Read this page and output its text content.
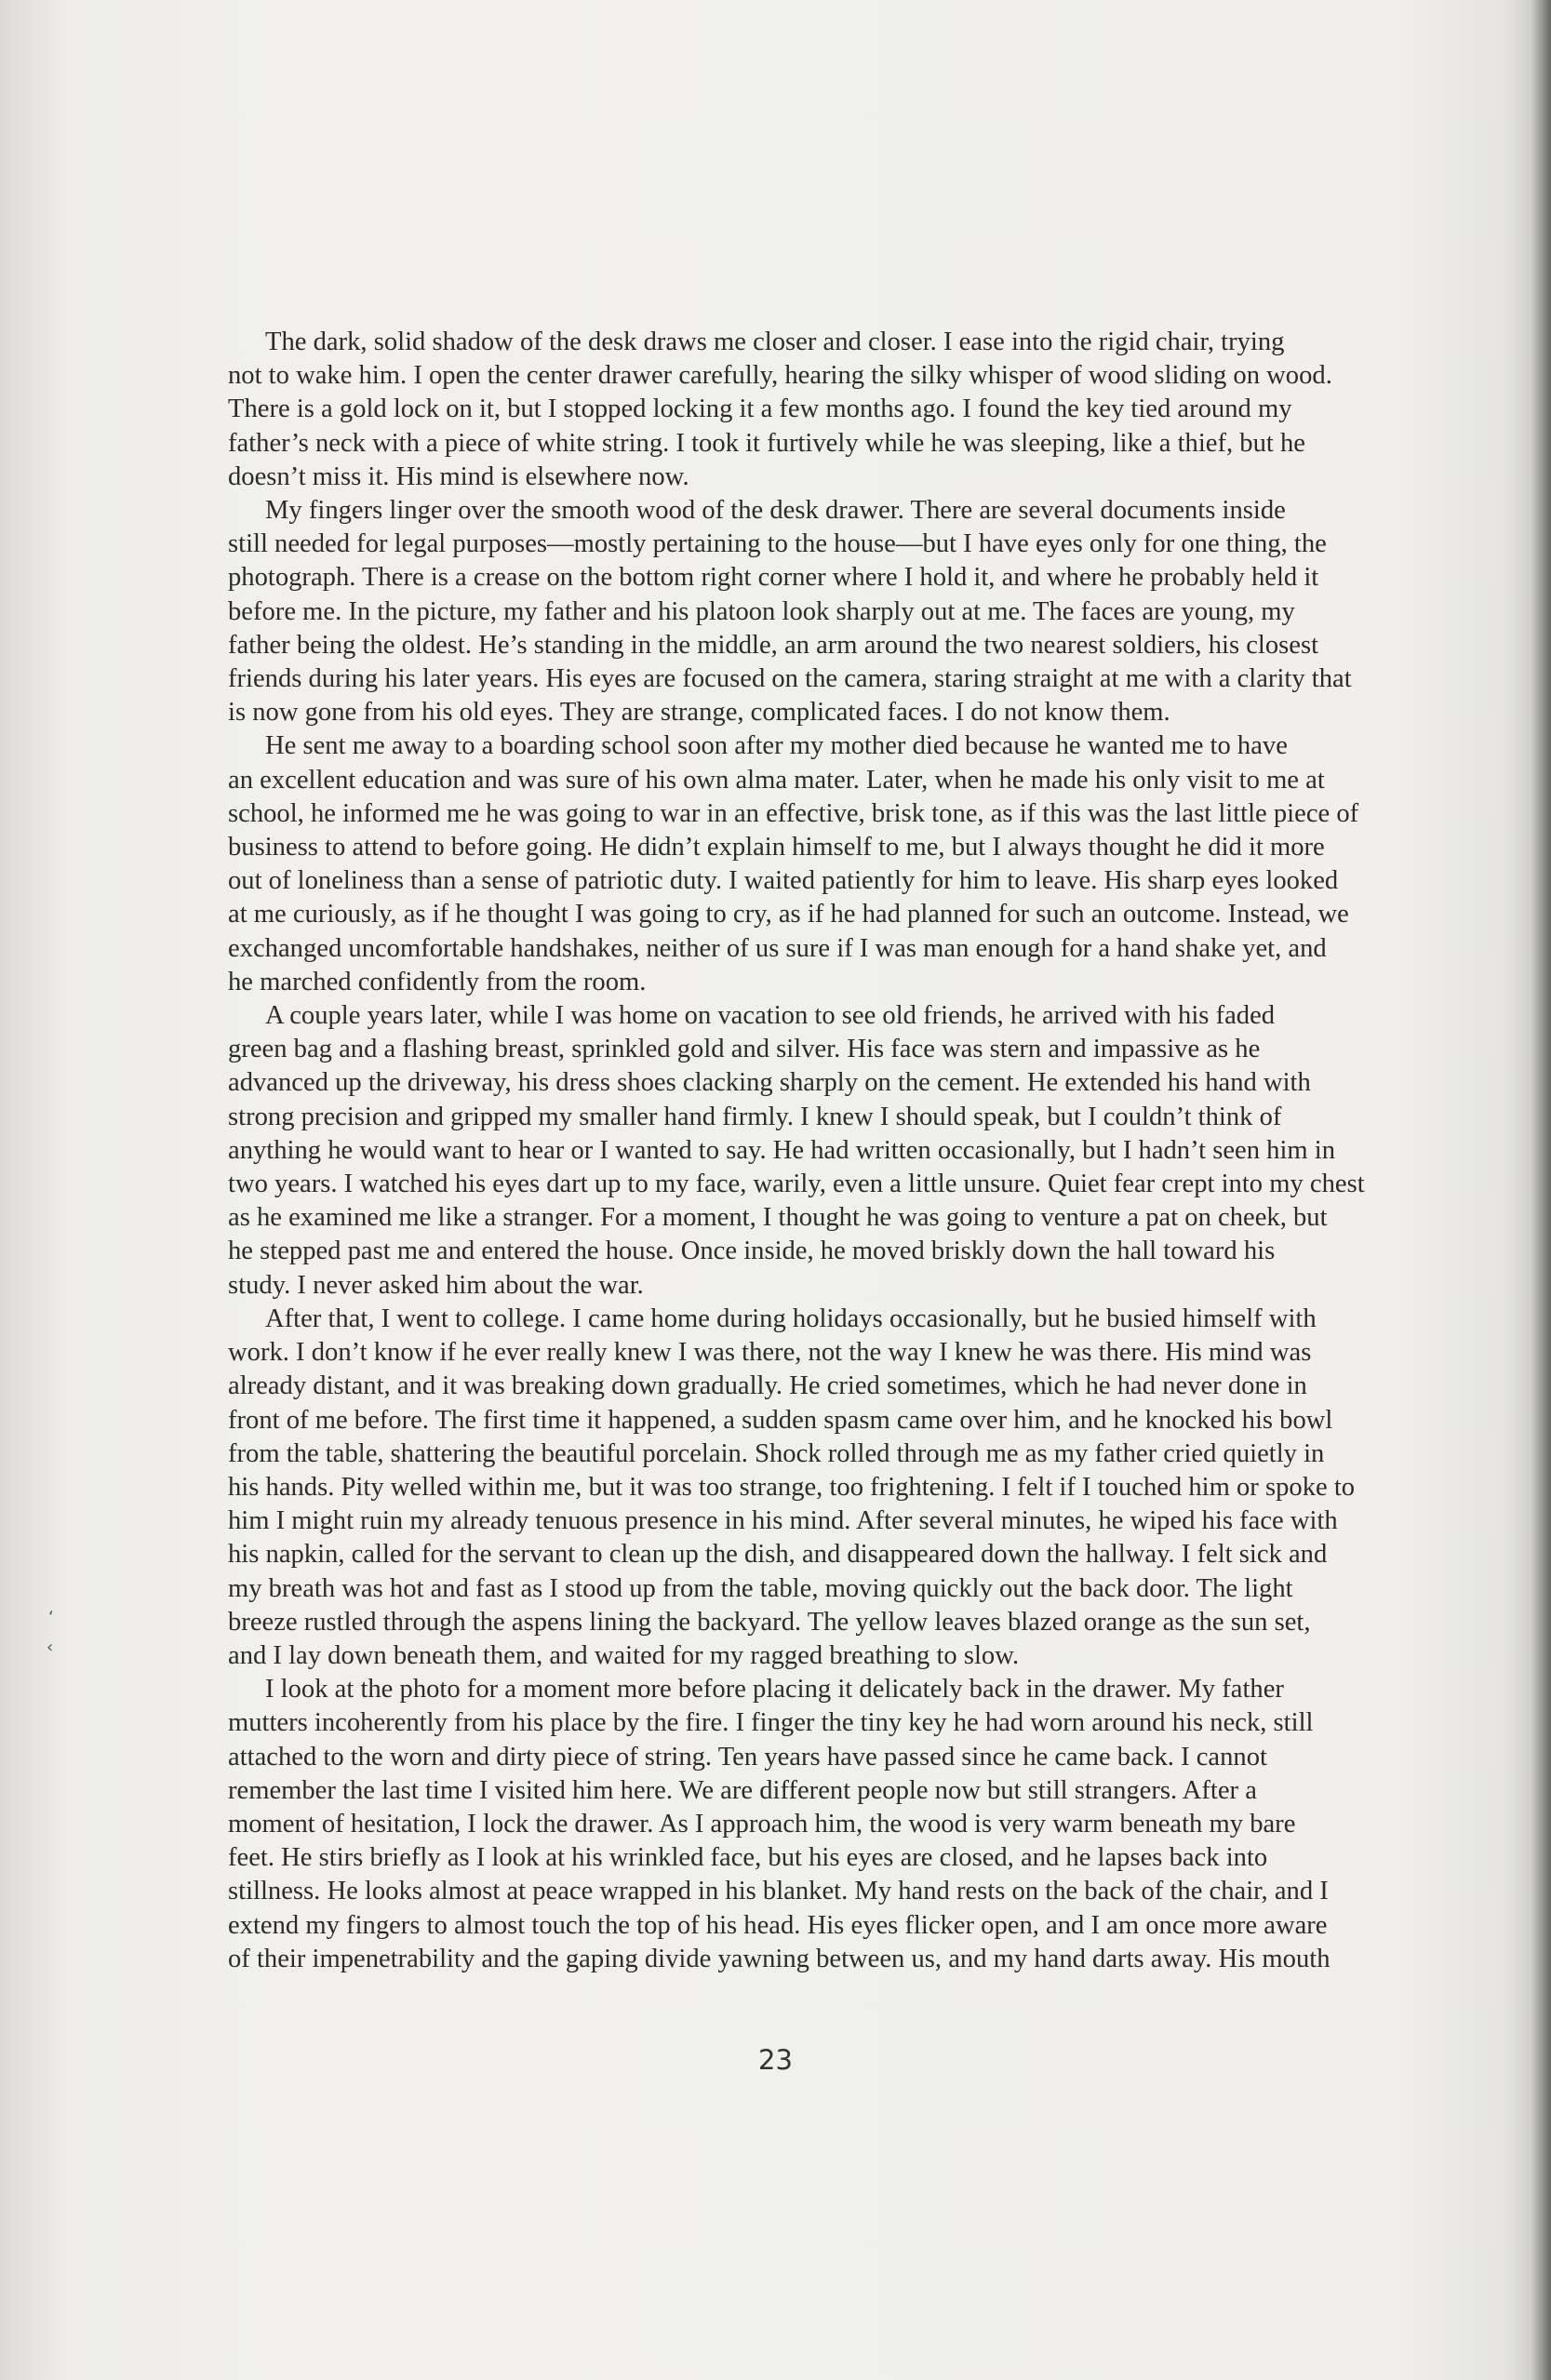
‘
‹

The dark, solid shadow of the desk draws me closer and closer. I ease into the rigid chair, trying
not to wake him. I open the center drawer carefully, hearing the silky whisper of wood sliding on wood.
There is a gold lock on it, but I stopped locking it a few months ago. I found the key tied around my
father’s neck with a piece of white string. I took it furtively while he was sleeping, like a thief, but he
doesn’t miss it. His mind is elsewhere now.

My fingers linger over the smooth wood of the desk drawer. There are several documents inside
still needed for legal purposes—mostly pertaining to the house—but I have eyes only for one thing, the
photograph. There is a crease on the bottom right corner where I hold it, and where he probably held it
before me. In the picture, my father and his platoon look sharply out at me. The faces are young, my
father being the oldest. He’s standing in the middle, an arm around the two nearest soldiers, his closest
friends during his later years. His eyes are focused on the camera, staring straight at me with a clarity that
is now gone from his old eyes. They are strange, complicated faces. I do not know them.

He sent me away to a boarding school soon after my mother died because he wanted me to have
an excellent education and was sure of his own alma mater. Later, when he made his only visit to me at
school, he informed me he was going to war in an effective, brisk tone, as if this was the last little piece of
business to attend to before going. He didn’t explain himself to me, but I always thought he did it more
out of loneliness than a sense of patriotic duty. I waited patiently for him to leave. His sharp eyes looked
at me curiously, as if he thought I was going to cry, as if he had planned for such an outcome. Instead, we
exchanged uncomfortable handshakes, neither of us sure if I was man enough for a hand shake yet, and
he marched confidently from the room.

A couple years later, while I was home on vacation to see old friends, he arrived with his faded
green bag and a flashing breast, sprinkled gold and silver. His face was stern and impassive as he
advanced up the driveway, his dress shoes clacking sharply on the cement. He extended his hand with
strong precision and gripped my smaller hand firmly. I knew I should speak, but I couldn’t think of
anything he would want to hear or I wanted to say. He had written occasionally, but I hadn’t seen him in
two years. I watched his eyes dart up to my face, warily, even a little unsure. Quiet fear crept into my chest
as he examined me like a stranger. For a moment, I thought he was going to venture a pat on cheek, but
he stepped past me and entered the house. Once inside, he moved briskly down the hall toward his
study. I never asked him about the war.

After that, I went to college. I came home during holidays occasionally, but he busied himself with
work. I don’t know if he ever really knew I was there, not the way I knew he was there. His mind was
already distant, and it was breaking down gradually. He cried sometimes, which he had never done in
front of me before. The first time it happened, a sudden spasm came over him, and he knocked his bowl
from the table, shattering the beautiful porcelain. Shock rolled through me as my father cried quietly in
his hands. Pity welled within me, but it was too strange, too frightening. I felt if I touched him or spoke to
him I might ruin my already tenuous presence in his mind. After several minutes, he wiped his face with
his napkin, called for the servant to clean up the dish, and disappeared down the hallway. I felt sick and
my breath was hot and fast as I stood up from the table, moving quickly out the back door. The light
breeze rustled through the aspens lining the backyard. The yellow leaves blazed orange as the sun set,
and I lay down beneath them, and waited for my ragged breathing to slow.

I look at the photo for a moment more before placing it delicately back in the drawer. My father
mutters incoherently from his place by the fire. I finger the tiny key he had worn around his neck, still
attached to the worn and dirty piece of string. Ten years have passed since he came back. I cannot
remember the last time I visited him here. We are different people now but still strangers. After a
moment of hesitation, I lock the drawer. As I approach him, the wood is very warm beneath my bare
feet. He stirs briefly as I look at his wrinkled face, but his eyes are closed, and he lapses back into
stillness. He looks almost at peace wrapped in his blanket. My hand rests on the back of the chair, and I
extend my fingers to almost touch the top of his head. His eyes flicker open, and I am once more aware
of their impenetrability and the gaping divide yawning between us, and my hand darts away. His mouth

23
